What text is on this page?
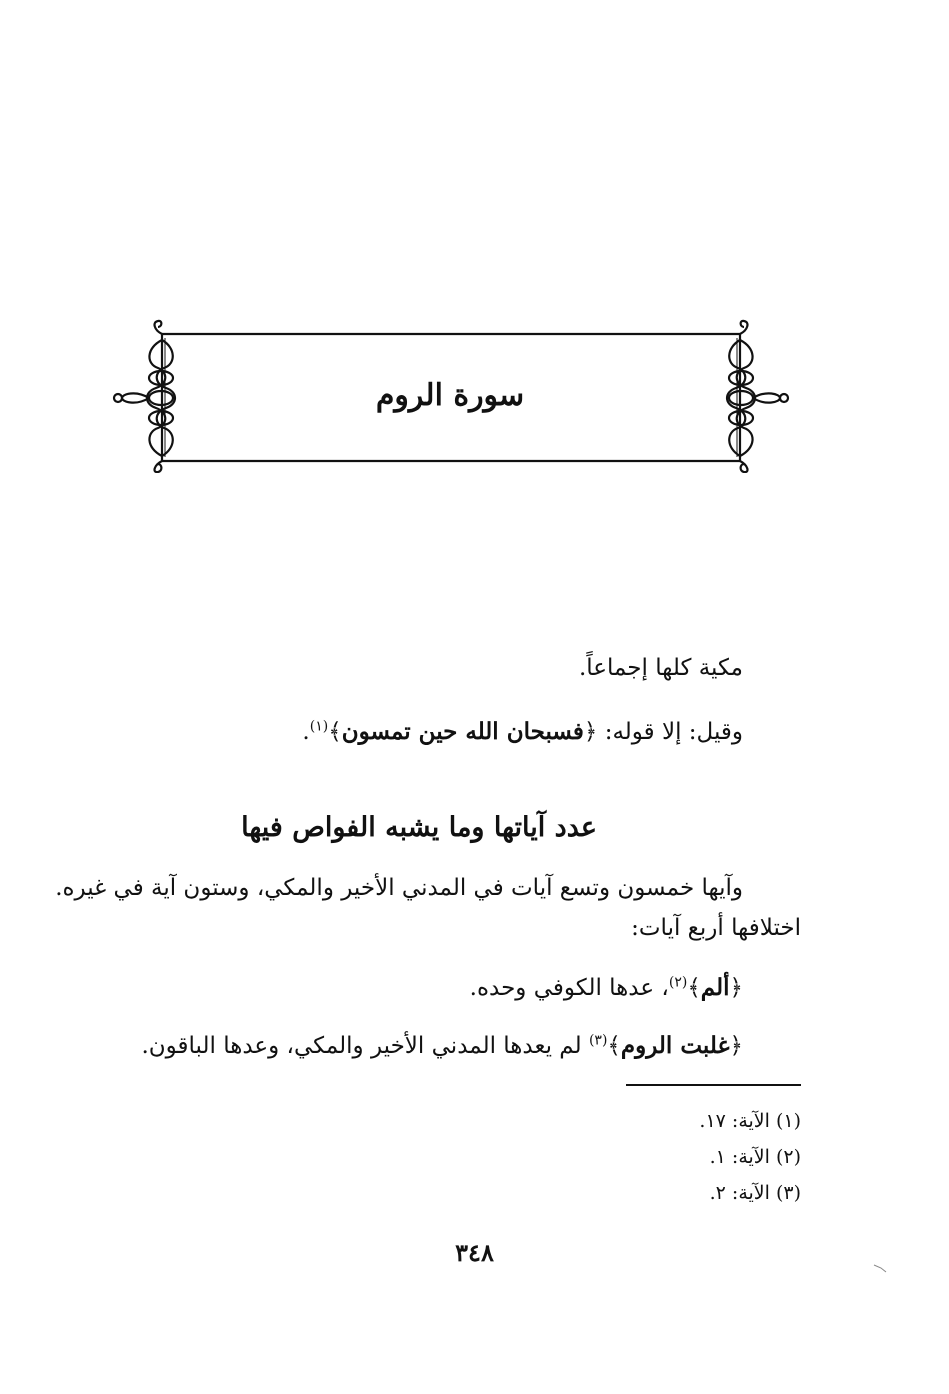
سورة الروم
مكية كلها إجماعاً.
وقيل: إلا قوله: ﴿فسبحان الله حين تمسون﴾$^{(١)}$.
عدد آياتها وما يشبه الفواص فيها
وآيها خمسون وتسع آيات في المدني الأخير والمكي، وستون آية في غيره.
اختلافها أربع آيات:
﴿ألم﴾$^{(٢)}$، عدها الكوفي وحده.
﴿غلبت الروم﴾$^{(٣)}$ لم يعدها المدني الأخير والمكي، وعدها الباقون.
(١) الآية: ١٧.
(٢) الآية: ١.
(٣) الآية: ٢.
٣٤٨
